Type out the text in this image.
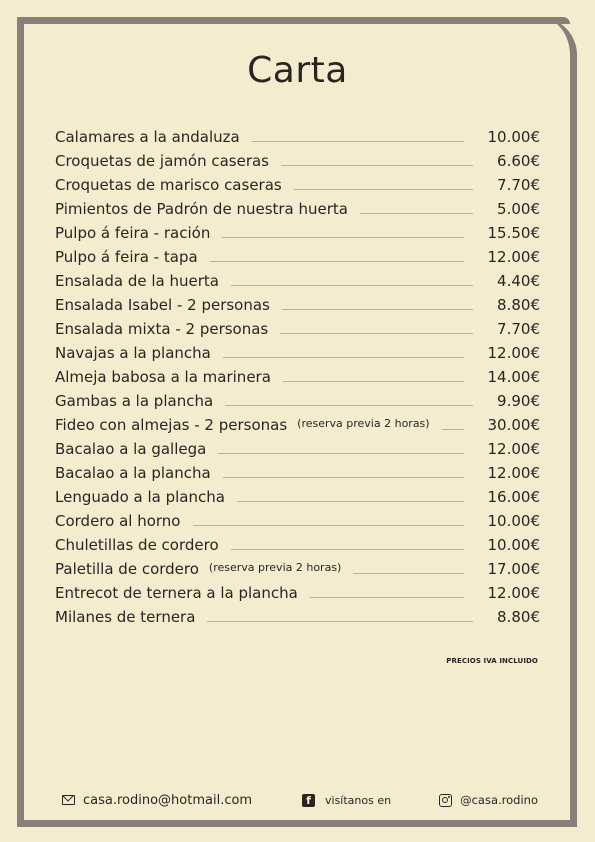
Carta
Calamares a la andaluza	10.00€
Croquetas de jamón caseras	6.60€
Croquetas de marisco caseras	7.70€
Pimientos de Padrón de nuestra huerta	5.00€
Pulpo á feira - ración	15.50€
Pulpo á feira - tapa	12.00€
Ensalada de la huerta	4.40€
Ensalada Isabel - 2 personas	8.80€
Ensalada mixta - 2 personas	7.70€
Navajas a la plancha	12.00€
Almeja babosa a la marinera	14.00€
Gambas a la plancha	9.90€
Fideo con almejas - 2 personas (reserva previa 2 horas)	30.00€
Bacalao a la gallega	12.00€
Bacalao a la plancha	12.00€
Lenguado a la plancha	16.00€
Cordero al horno	10.00€
Chuletillas de cordero	10.00€
Paletilla de cordero (reserva previa 2 horas)	17.00€
Entrecot de ternera a la plancha	12.00€
Milanes de ternera	8.80€
PRECIOS IVA INCLUIDO
casa.rodino@hotmail.com	f	visítanos en	@casa.rodino
